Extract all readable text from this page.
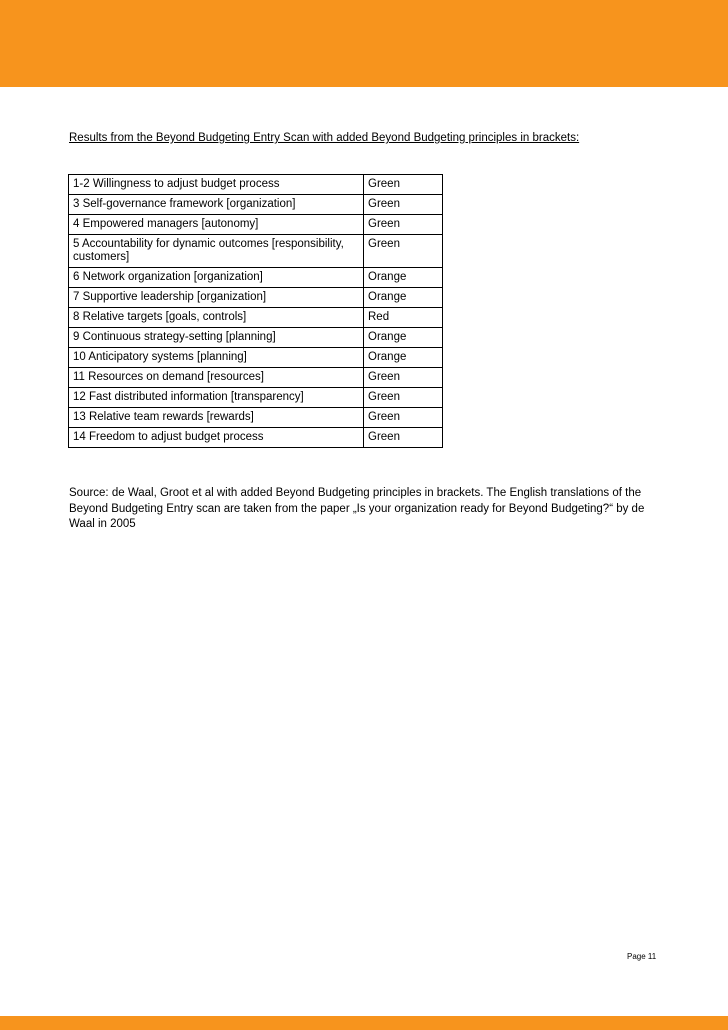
Results from the Beyond Budgeting Entry Scan with added Beyond Budgeting principles in brackets:
1-2 Willingness to adjust budget process	Green
3 Self-governance framework [organization]	Green
4 Empowered managers [autonomy]	Green
5 Accountability for dynamic outcomes [responsibility, customers]	Green
6 Network organization [organization]	Orange
7 Supportive leadership [organization]	Orange
8 Relative targets [goals, controls]	Red
9 Continuous strategy-setting [planning]	Orange
10 Anticipatory systems [planning]	Orange
11 Resources on demand [resources]	Green
12 Fast distributed information [transparency]	Green
13 Relative team rewards [rewards]	Green
14 Freedom to adjust budget process	Green
Source: de Waal, Groot et al with added Beyond Budgeting principles in brackets. The English translations of the Beyond Budgeting Entry scan are taken from the paper „Is your organization ready for Beyond Budgeting?“ by de Waal in 2005
Page 11
